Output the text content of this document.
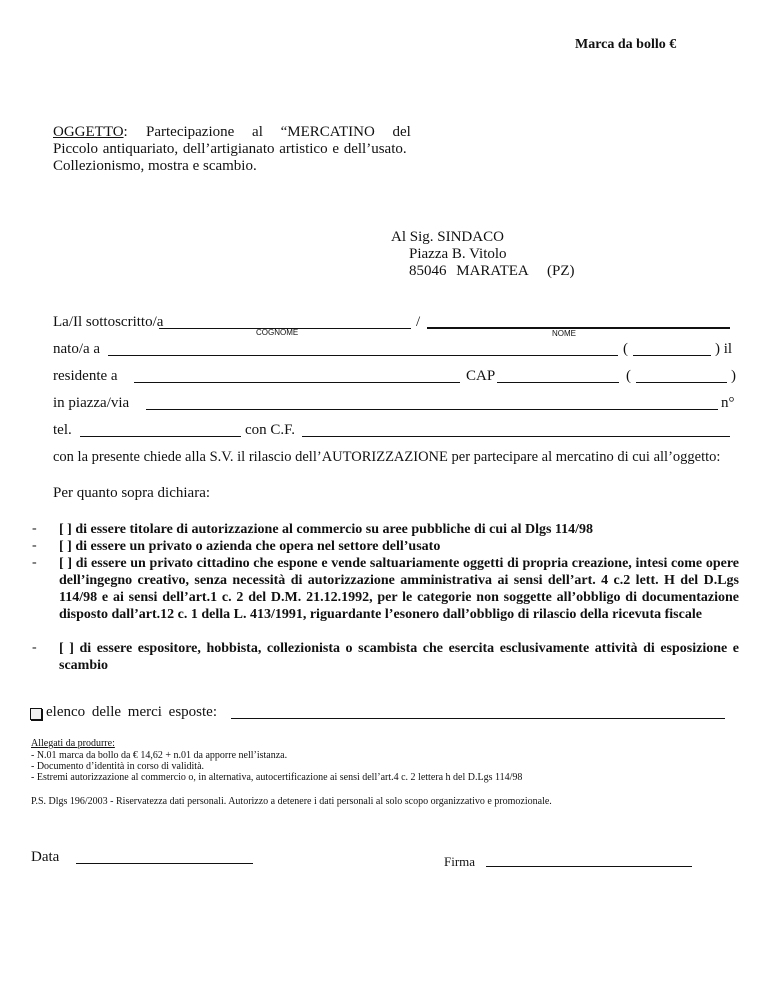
Marca da bollo €
OGGETTO: Partecipazione al “MERCATINO del
Piccolo antiquariato, dell’artigianato artistico e dell’usato.
Collezionismo, mostra e scambio.
Al Sig. SINDACO
Piazza B. Vitolo
85046 MARATEA (PZ)
La/Il sottoscritto/a
COGNOME
/
NOME
nato/a a	(	) il
residente a	CAP	(	)
in piazza/via	n°
tel.	con C.F.
con la presente chiede alla S.V. il rilascio dell’AUTORIZZAZIONE per partecipare al mercatino di cui all’oggetto:
Per quanto sopra dichiara:
- [ ] di essere titolare di autorizzazione al commercio su aree pubbliche di cui al Dlgs 114/98
- [ ] di essere un privato o azienda che opera nel settore dell’usato
- [ ] di essere un privato cittadino che espone e vende saltuariamente oggetti di propria creazione, intesi come opere dell’ingegno creativo, senza necessità di autorizzazione amministrativa ai sensi dell’art. 4 c.2 lett. H del D.Lgs 114/98 e ai sensi dell’art.1 c. 2 del D.M. 21.12.1992, per le categorie non soggette all’obbligo di documentazione disposto dall’art.12 c. 1 della L. 413/1991, riguardante l’esonero dall’obbligo di rilascio della ricevuta fiscale
- [ ] di essere espositore, hobbista, collezionista o scambista che esercita esclusivamente attività di esposizione e scambio
elenco delle merci esposte:
Allegati da produrre:
- N.01 marca da bollo da € 14,62 + n.01 da apporre nell’istanza.
- Documento d’identità in corso di validità.
- Estremi autorizzazione al commercio o, in alternativa, autocertificazione ai sensi dell’art.4 c. 2 lettera h del D.Lgs 114/98
P.S. Dlgs 196/2003 - Riservatezza dati personali. Autorizzo a detenere i dati personali al solo scopo organizzativo e promozionale.
Data	Firma
